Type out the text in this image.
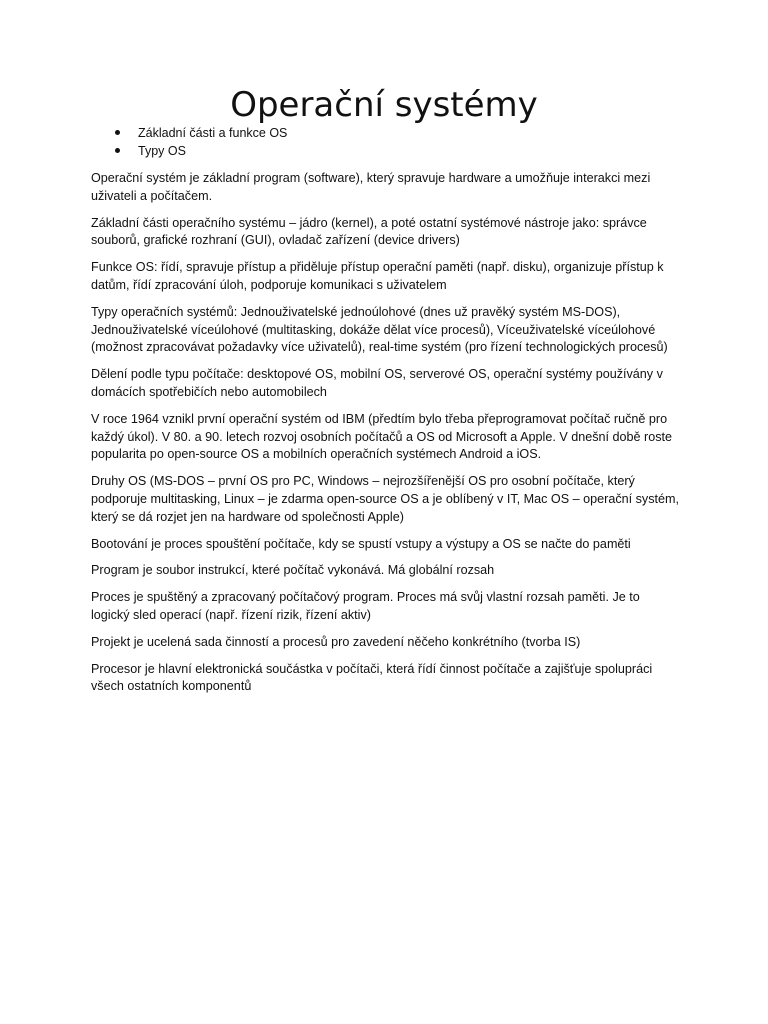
Operační systémy
Základní části a funkce OS
Typy OS

Operační systém je základní program (software), který spravuje hardware a umožňuje interakci mezi uživateli a počítačem.

Základní části operačního systému – jádro (kernel), a poté ostatní systémové nástroje jako: správce souborů, grafické rozhraní (GUI), ovladač zařízení (device drivers)

Funkce OS: řídí, spravuje přístup a přiděluje přístup operační paměti (např. disku), organizuje přístup k datům, řídí zpracování úloh, podporuje komunikaci s uživatelem

Typy operačních systémů: Jednouživatelské jednoúlohové (dnes už pravěký systém MS-DOS), Jednouživatelské víceúlohové (multitasking, dokáže dělat více procesů), Víceuživatelské víceúlohové (možnost zpracovávat požadavky více uživatelů), real-time systém (pro řízení technologických procesů)

Dělení podle typu počítače: desktopové OS, mobilní OS, serverové OS, operační systémy používány v domácích spotřebičích nebo automobilech

V roce 1964 vznikl první operační systém od IBM (předtím bylo třeba přeprogramovat počítač ručně pro každý úkol). V 80. a 90. letech rozvoj osobních počítačů a OS od Microsoft a Apple. V dnešní době roste popularita po open-source OS a mobilních operačních systémech Android a iOS.

Druhy OS (MS-DOS – první OS pro PC, Windows – nejrozšířenější OS pro osobní počítače, který podporuje multitasking, Linux – je zdarma open-source OS a je oblíbený v IT, Mac OS – operační systém, který se dá rozjet jen na hardware od společnosti Apple)

Bootování je proces spouštění počítače, kdy se spustí vstupy a výstupy a OS se načte do paměti

Program je soubor instrukcí, které počítač vykonává. Má globální rozsah

Proces je spuštěný a zpracovaný počítačový program. Proces má svůj vlastní rozsah paměti. Je to logický sled operací (např. řízení rizik, řízení aktiv)

Projekt je ucelená sada činností a procesů pro zavedení něčeho konkrétního (tvorba IS)

Procesor je hlavní elektronická součástka v počítači, která řídí činnost počítače a zajišťuje spolupráci všech ostatních komponentů
